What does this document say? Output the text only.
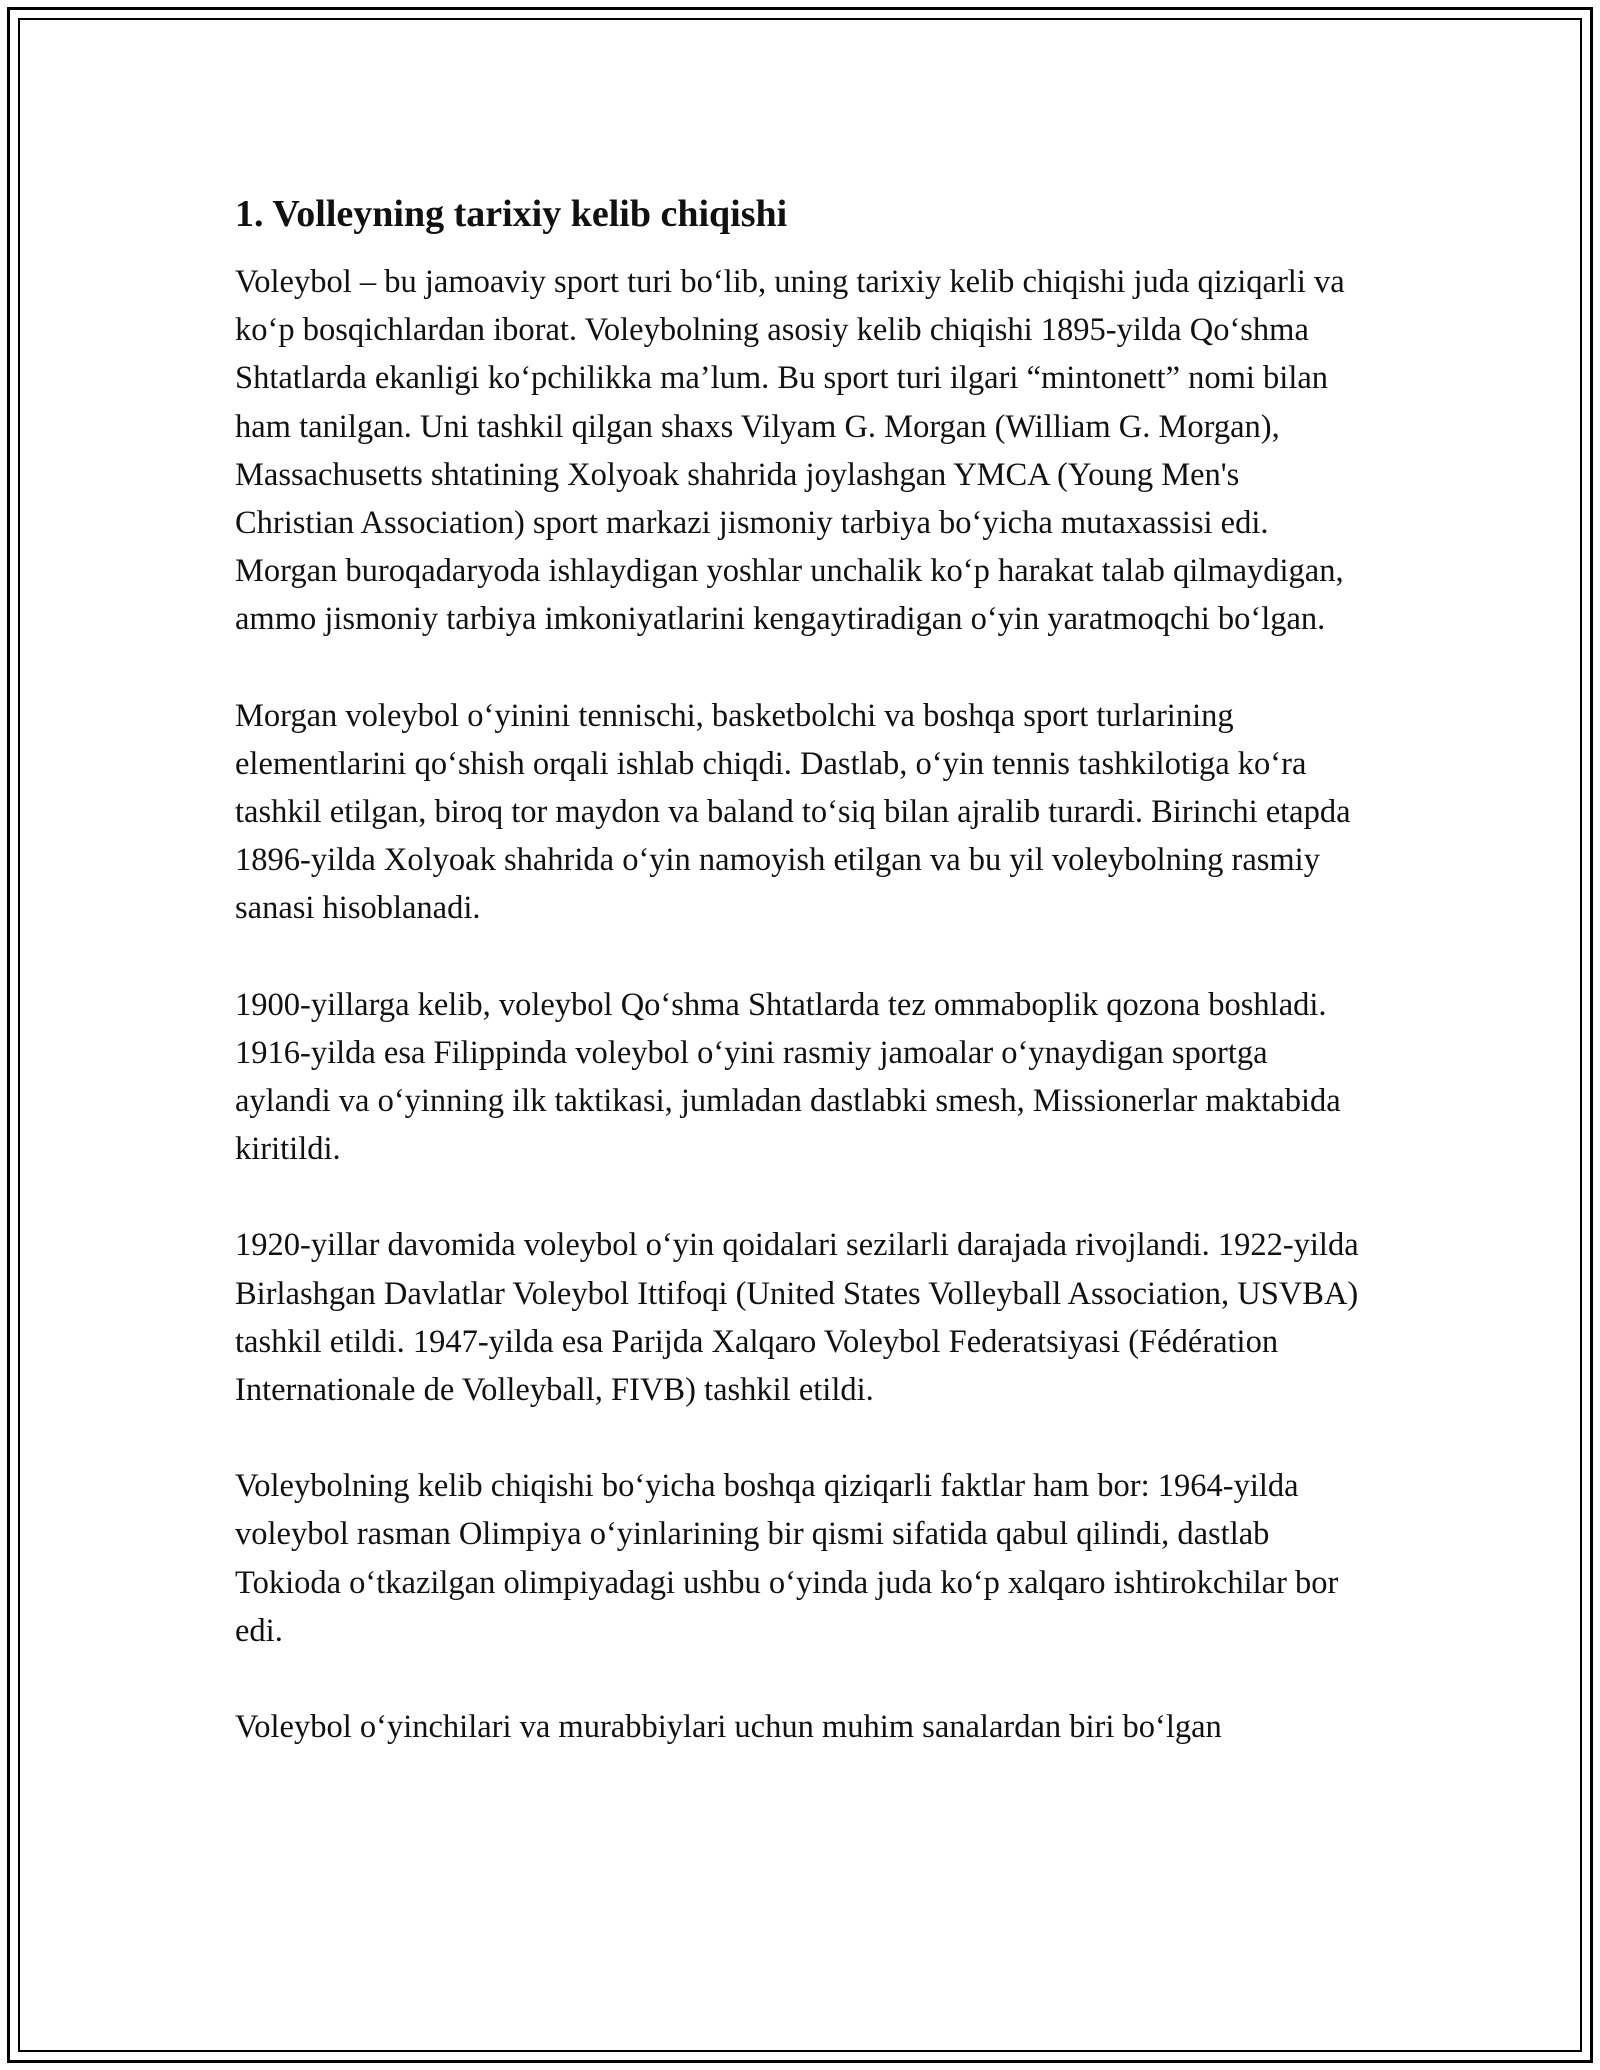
1. Volleyning tarixiy kelib chiqishi

Voleybol – bu jamoaviy sport turi bo‘lib, uning tarixiy kelib chiqishi juda qiziqarli va ko‘p bosqichlardan iborat. Voleybolning asosiy kelib chiqishi 1895-yilda Qo‘shma Shtatlarda ekanligi ko‘pchilikka ma’lum. Bu sport turi ilgari “mintonett” nomi bilan ham tanilgan. Uni tashkil qilgan shaxs Vilyam G. Morgan (William G. Morgan), Massachusetts shtatining Xolyoak shahrida joylashgan YMCA (Young Men's Christian Association) sport markazi jismoniy tarbiya bo‘yicha mutaxassisi edi. Morgan buroqadaryoda ishlaydigan yoshlar unchalik ko‘p harakat talab qilmaydigan, ammo jismoniy tarbiya imkoniyatlarini kengaytiradigan o‘yin yaratmoqchi bo‘lgan.

Morgan voleybol o‘yinini tennischi, basketbolchi va boshqa sport turlarining elementlarini qo‘shish orqali ishlab chiqdi. Dastlab, o‘yin tennis tashkilotiga ko‘ra tashkil etilgan, biroq tor maydon va baland to‘siq bilan ajralib turardi. Birinchi etapda 1896-yilda Xolyoak shahrida o‘yin namoyish etilgan va bu yil voleybolning rasmiy sanasi hisoblanadi.

1900-yillarga kelib, voleybol Qo‘shma Shtatlarda tez ommaboplik qozona boshladi. 1916-yilda esa Filippinda voleybol o‘yini rasmiy jamoalar o‘ynaydigan sportga aylandi va o‘yinning ilk taktikasi, jumladan dastlabki smesh, Missionerlar maktabida kiritildi.

1920-yillar davomida voleybol o‘yin qoidalari sezilarli darajada rivojlandi. 1922-yilda Birlashgan Davlatlar Voleybol Ittifoqi (United States Volleyball Association, USVBA) tashkil etildi. 1947-yilda esa Parijda Xalqaro Voleybol Federatsiyasi (Fédération Internationale de Volleyball, FIVB) tashkil etildi.

Voleybolning kelib chiqishi bo‘yicha boshqa qiziqarli faktlar ham bor: 1964-yilda voleybol rasman Olimpiya o‘yinlarining bir qismi sifatida qabul qilindi, dastlab Tokioda o‘tkazilgan olimpiyadagi ushbu o‘yinda juda ko‘p xalqaro ishtirokchilar bor edi.

Voleybol o‘yinchilari va murabbiylari uchun muhim sanalardan biri bo‘lgan
